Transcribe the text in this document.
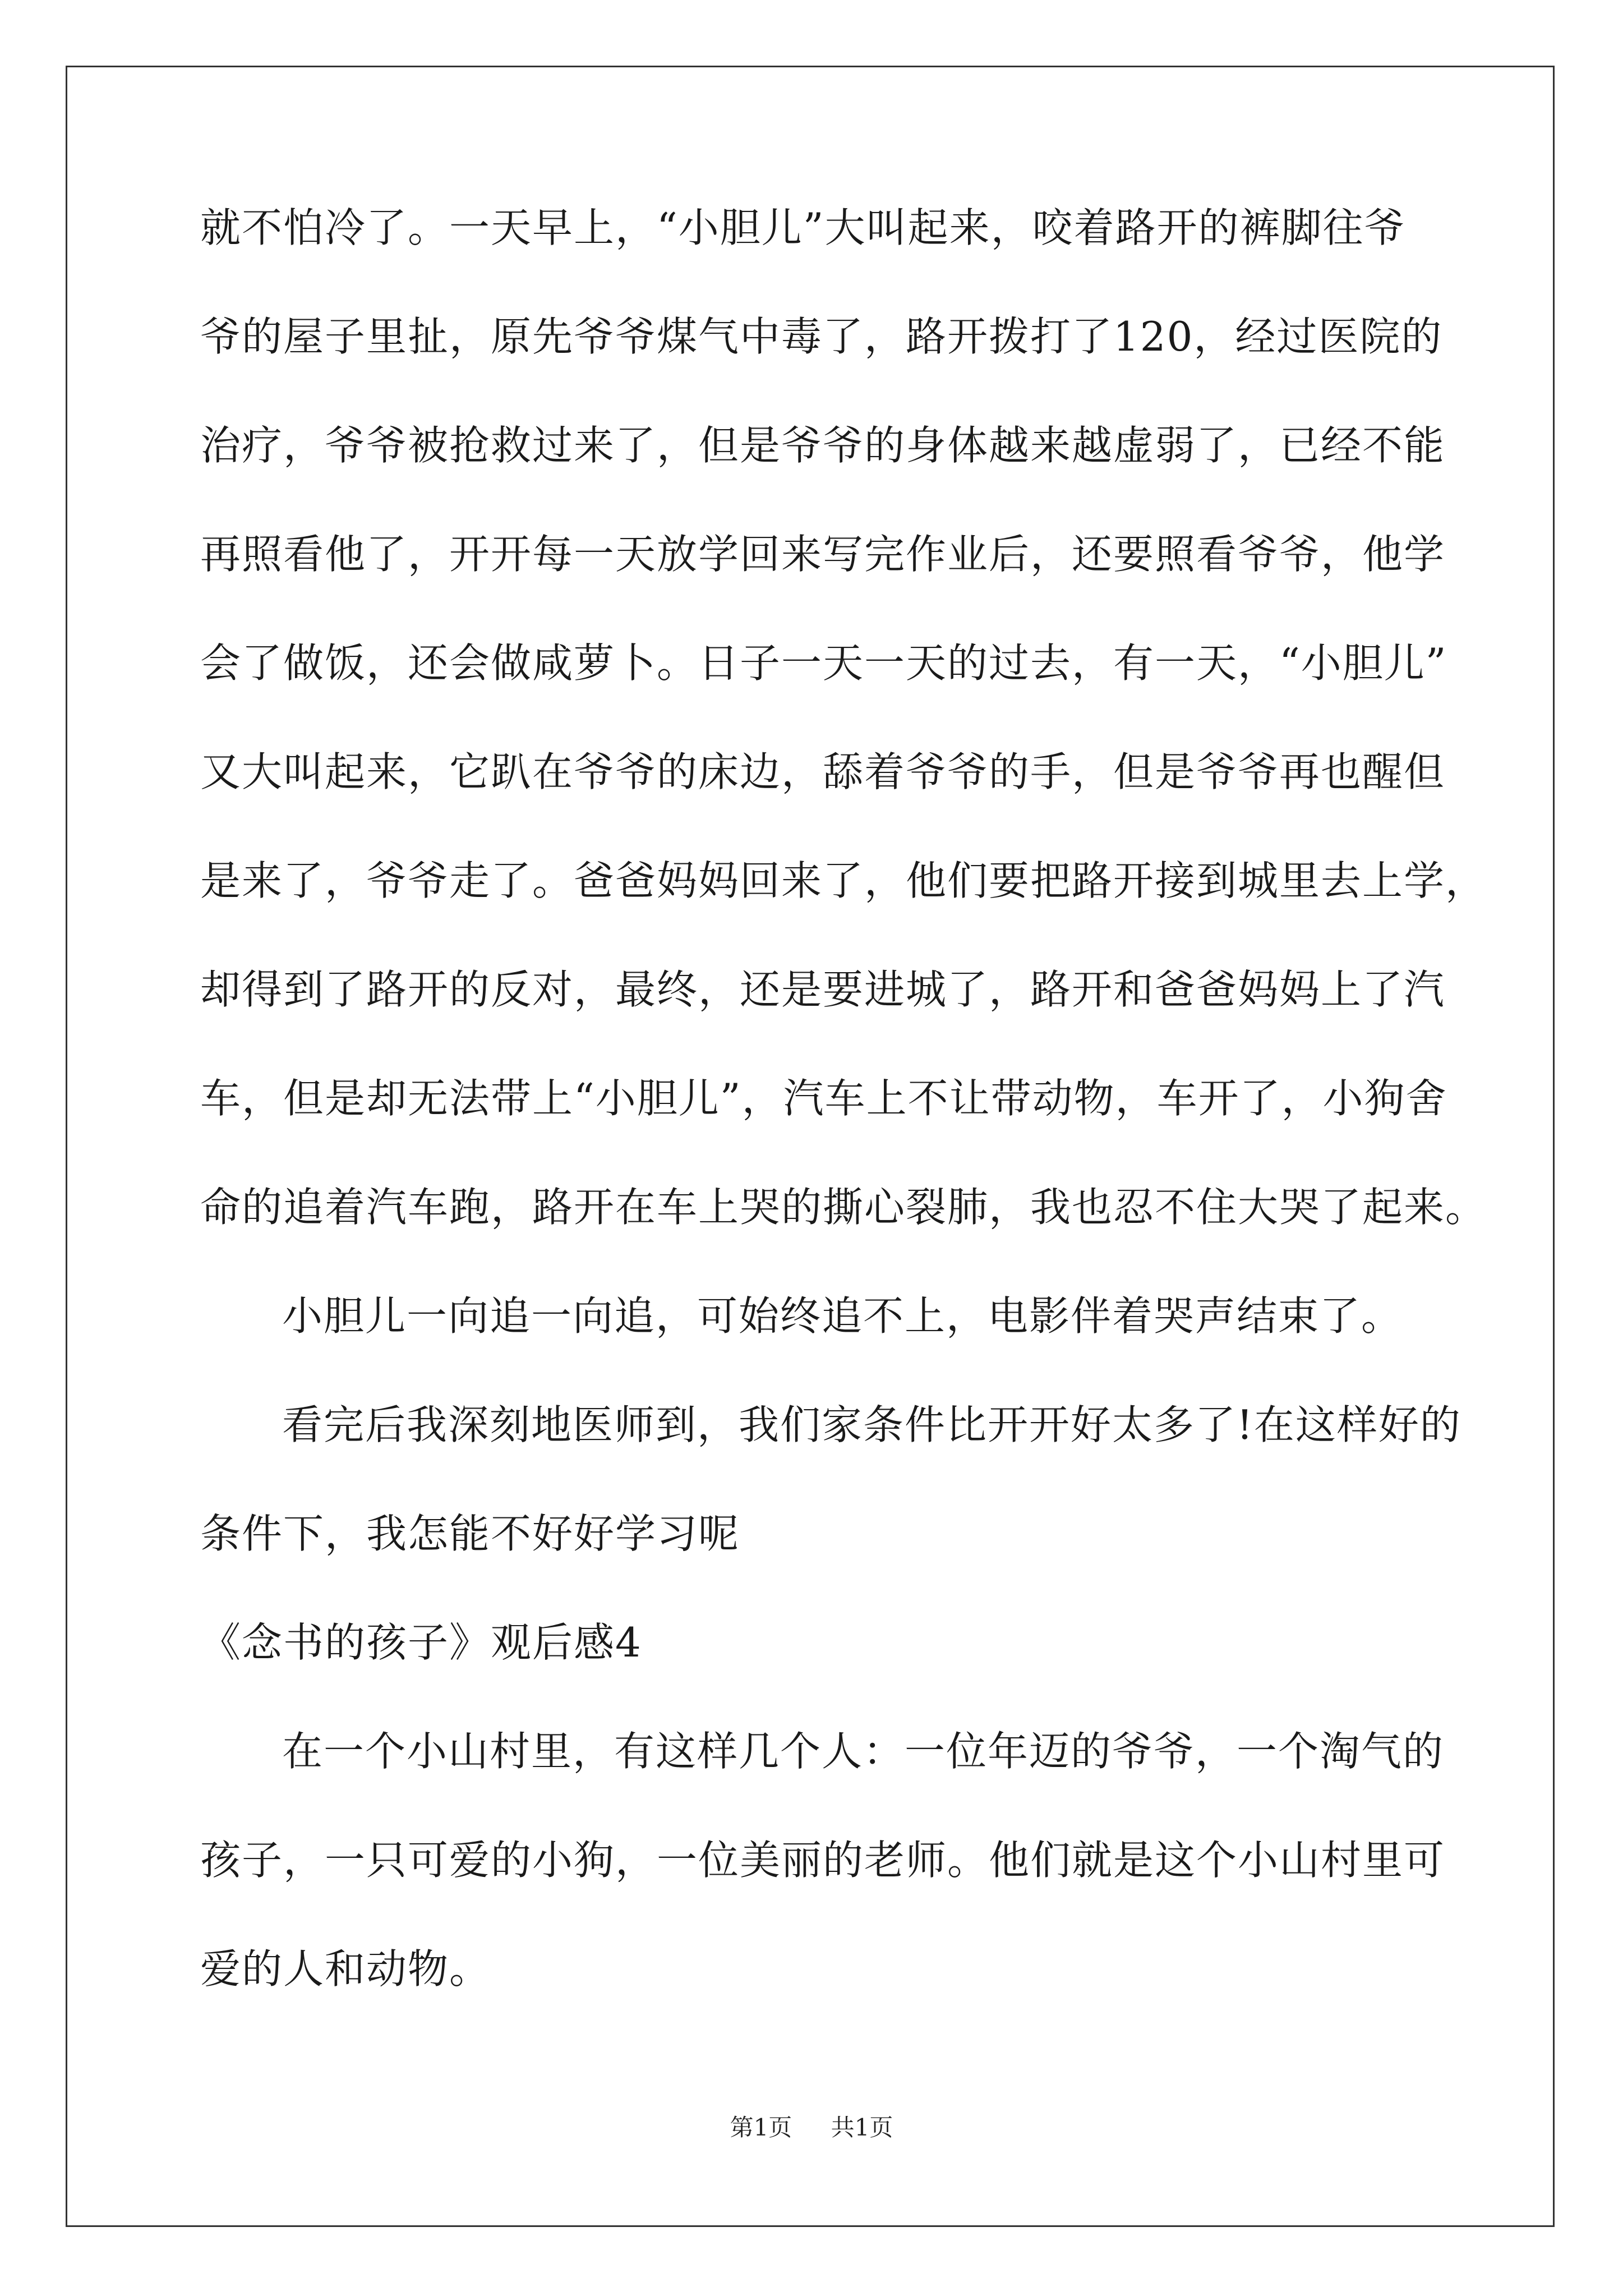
就不怕冷了。一天早上，“小胆儿”大叫起来，咬着路开的裤脚往爷
爷的屋子里扯，原先爷爷煤气中毒了，路开拨打了120，经过医院的
治疗，爷爷被抢救过来了，但是爷爷的身体越来越虚弱了，已经不能
再照看他了，开开每一天放学回来写完作业后，还要照看爷爷，他学
会了做饭，还会做咸萝卜。日子一天一天的过去，有一天，“小胆儿”
又大叫起来，它趴在爷爷的床边，舔着爷爷的手，但是爷爷再也醒但
是来了，爷爷走了。爸爸妈妈回来了，他们要把路开接到城里去上学，
却得到了路开的反对，最终，还是要进城了，路开和爸爸妈妈上了汽
车，但是却无法带上“小胆儿”，汽车上不让带动物，车开了，小狗舍
命的追着汽车跑，路开在车上哭的撕心裂肺，我也忍不住大哭了起来。
小胆儿一向追一向追，可始终追不上，电影伴着哭声结束了。
看完后我深刻地医师到，我们家条件比开开好太多了!在这样好的
条件下，我怎能不好好学习呢
《念书的孩子》观后感4
在一个小山村里，有这样几个人：一位年迈的爷爷，一个淘气的
孩子，一只可爱的小狗，一位美丽的老师。他们就是这个小山村里可
爱的人和动物。
第1页 共1页
